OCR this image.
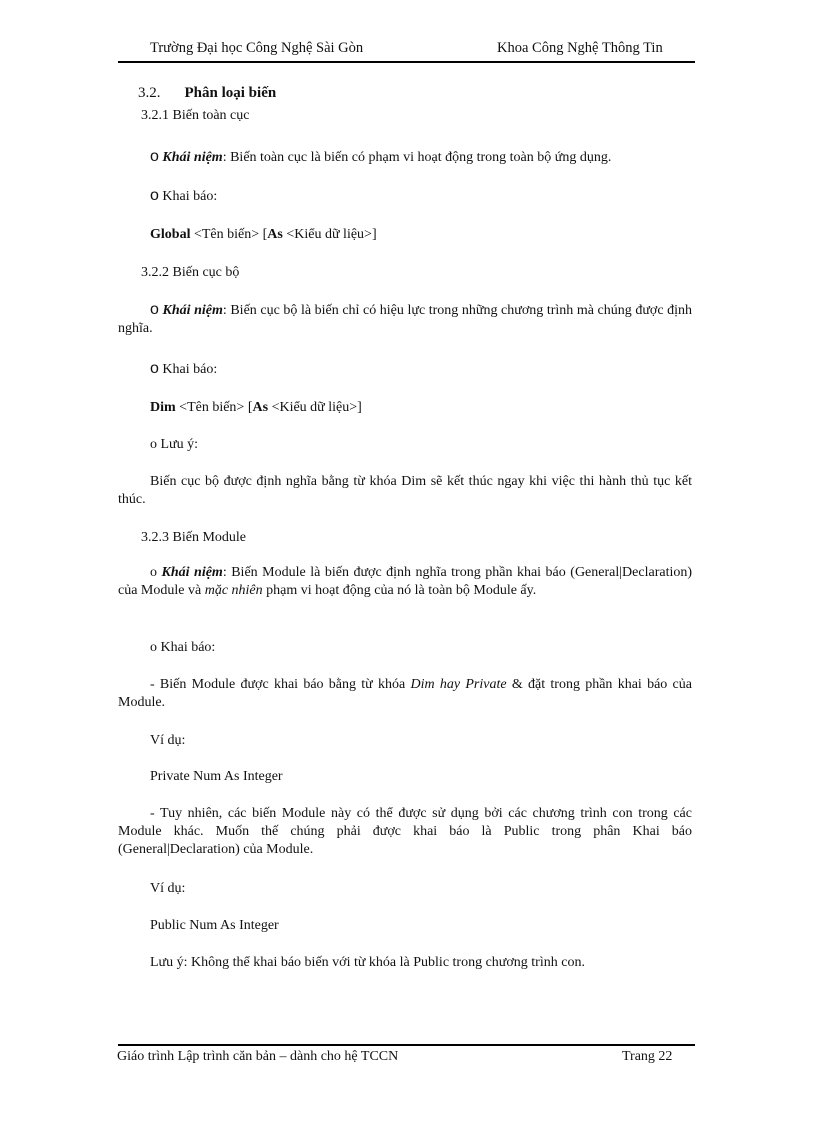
Trường Đại học Công Nghệ Sài Gòn	Khoa Công Nghệ Thông Tin
3.2. Phân loại biến
3.2.1 Biến toàn cục
o Khái niệm: Biến toàn cục là biến có phạm vi hoạt động trong toàn bộ ứng dụng.
o Khai báo:
Global <Tên biến> [As <Kiểu dữ liệu>]
3.2.2 Biến cục bộ
o Khái niệm: Biến cục bộ là biến chỉ có hiệu lực trong những chương trình mà chúng được định nghĩa.
o Khai báo:
Dim <Tên biến> [As <Kiểu dữ liệu>]
o Lưu ý:
Biến cục bộ được định nghĩa bằng từ khóa Dim sẽ kết thúc ngay khi việc thi hành thủ tục kết thúc.
3.2.3 Biến Module
o Khái niệm: Biến Module là biến được định nghĩa trong phần khai báo (General|Declaration) của Module và mặc nhiên phạm vi hoạt động của nó là toàn bộ Module ấy.
o Khai báo:
- Biến Module được khai báo bằng từ khóa Dim hay Private & đặt trong phần khai báo của Module.
Ví dụ:
Private Num As Integer
- Tuy nhiên, các biến Module này có thể được sử dụng bởi các chương trình con trong các Module khác. Muốn thế chúng phải được khai báo là Public trong phân Khai báo (General|Declaration) của Module.
Ví dụ:
Public Num As Integer
Lưu ý: Không thể khai báo biến với từ khóa là Public trong chương trình con.
Giáo trình Lập trình căn bản – dành cho hệ TCCN	Trang 22
